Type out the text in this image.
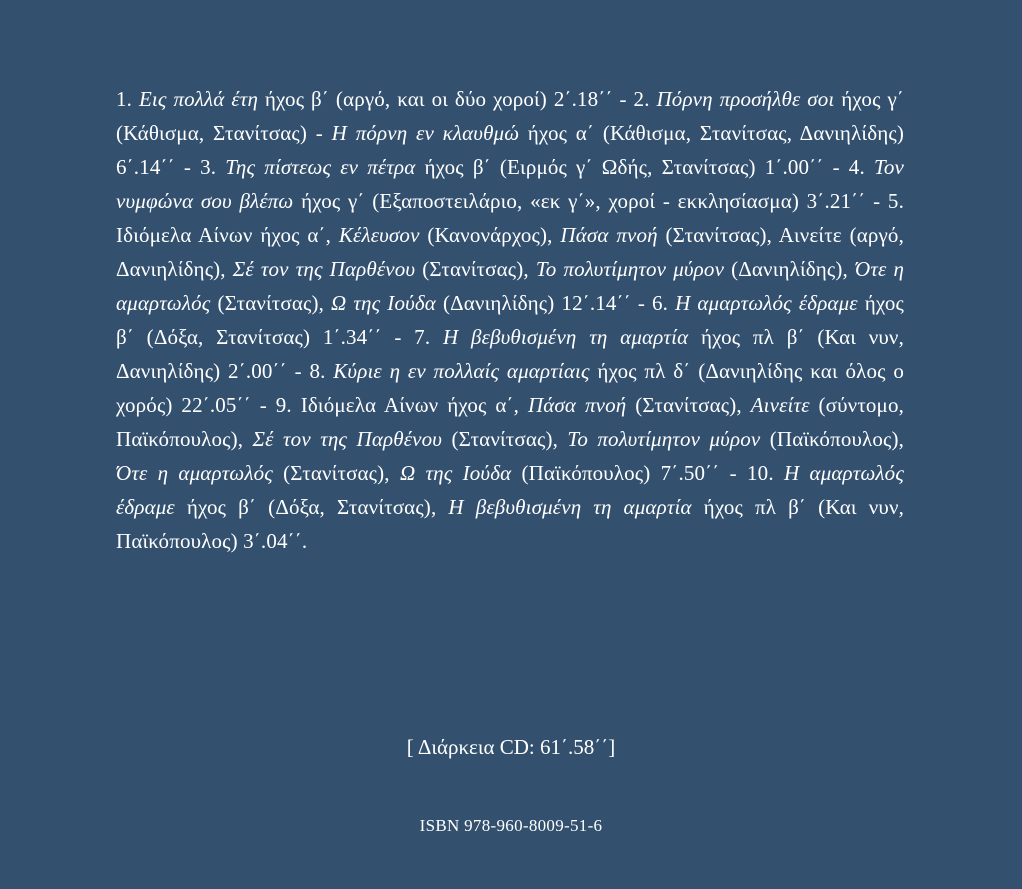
1. Εις πολλά έτη ήχος β΄ (αργό, και οι δύο χοροί) 2΄.18΄΄ - 2. Πόρνη προσήλθε σοι ήχος γ΄ (Κάθισμα, Στανίτσας) - Η πόρνη εν κλαυθμώ ήχος α΄ (Κάθισμα, Στανίτσας, Δανιηλίδης) 6΄.14΄΄ - 3. Της πίστεως εν πέτρα ήχος β΄ (Ειρμός γ΄ Ωδής, Στανίτσας) 1΄.00΄΄ - 4. Τον νυμφώνα σου βλέπω ήχος γ΄ (Εξαποστειλάριο, «εκ γ΄», χοροί - εκκλησίασμα) 3΄.21΄΄ - 5. Ιδιόμελα Αίνων ήχος α΄, Κέλευσον (Κανονάρχος), Πάσα πνοή (Στανίτσας), Αινείτε (αργό, Δανιηλίδης), Σέ τον της Παρθένου (Στανίτσας), Το πολυτίμητον μύρον (Δανιηλίδης), Ότε η αμαρτωλός (Στανίτσας), Ω της Ιούδα (Δανιηλίδης) 12΄.14΄΄ - 6. Η αμαρτωλός έδραμε ήχος β΄ (Δόξα, Στανίτσας) 1΄.34΄΄ - 7. Η βεβυθισμένη τη αμαρτία ήχος πλ β΄ (Και νυν, Δανιηλίδης) 2΄.00΄΄ - 8. Κύριε η εν πολλαίς αμαρτίαις ήχος πλ δ΄ (Δανιηλίδης και όλος ο χορός) 22΄.05΄΄ - 9. Ιδιόμελα Αίνων ήχος α΄, Πάσα πνοή (Στανίτσας), Αινείτε (σύντομο, Παϊκόπουλος), Σέ τον της Παρθένου (Στανίτσας), Το πολυτίμητον μύρον (Παϊκόπουλος), Ότε η αμαρτωλός (Στανίτσας), Ω της Ιούδα (Παϊκόπουλος) 7΄.50΄΄ - 10. Η αμαρτωλός έδραμε ήχος β΄ (Δόξα, Στανίτσας), Η βεβυθισμένη τη αμαρτία ήχος πλ β΄ (Και νυν, Παϊκόπουλος) 3΄.04΄΄.

[ Διάρκεια CD: 61΄.58΄΄]
ISBN 978-960-8009-51-6
